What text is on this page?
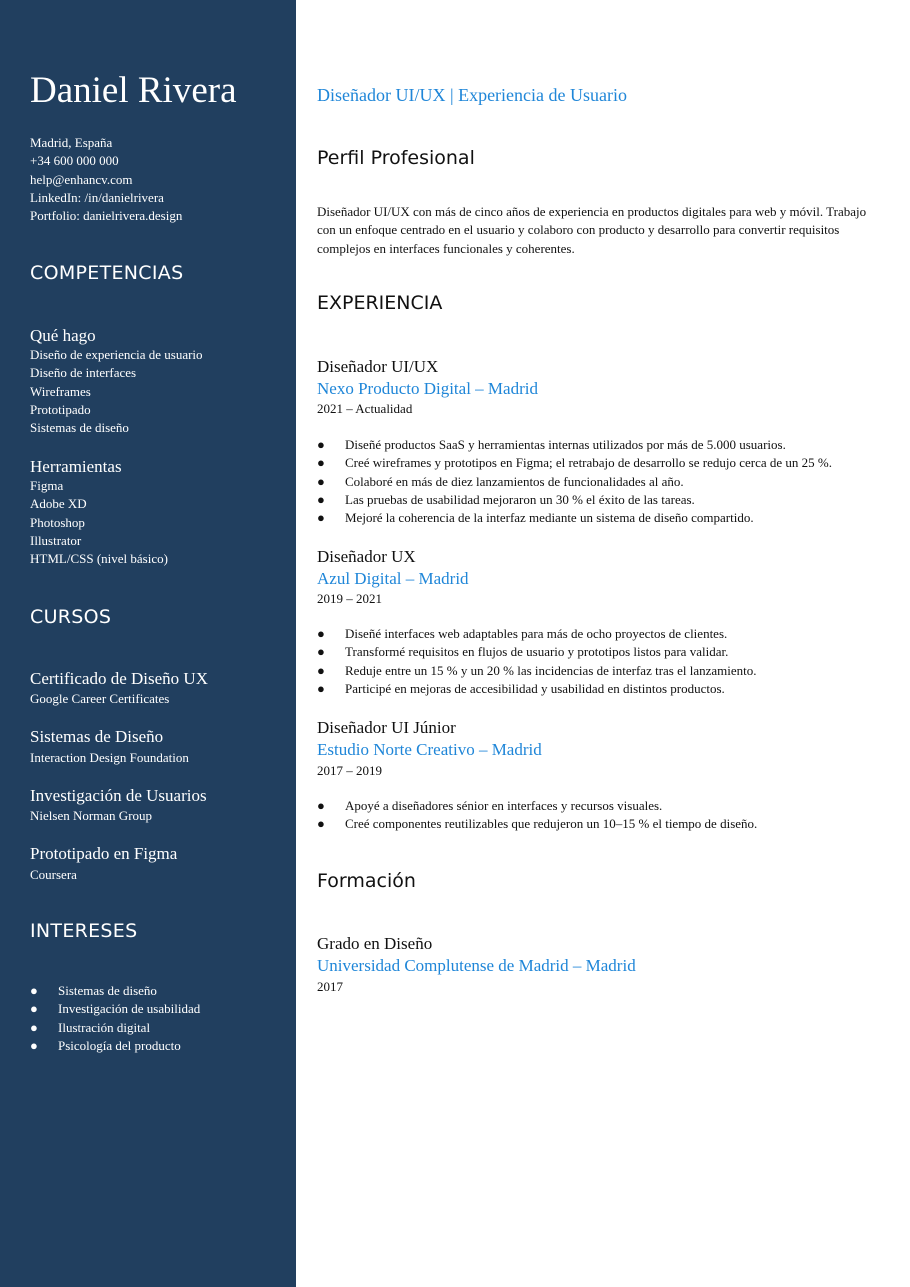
Daniel Rivera
Madrid, España
+34 600 000 000
help@enhancv.com
LinkedIn: /in/danielrivera
Portfolio: danielrivera.design
COMPETENCIAS
Qué hago
Diseño de experiencia de usuario
Diseño de interfaces
Wireframes
Prototipado
Sistemas de diseño
Herramientas
Figma
Adobe XD
Photoshop
Illustrator
HTML/CSS (nivel básico)
CURSOS
Certificado de Diseño UX
Google Career Certificates
Sistemas de Diseño
Interaction Design Foundation
Investigación de Usuarios
Nielsen Norman Group
Prototipado en Figma
Coursera
INTERESES
● Sistemas de diseño
● Investigación de usabilidad
● Ilustración digital
● Psicología del producto
Diseñador UI/UX | Experiencia de Usuario
Perfil Profesional
Diseñador UI/UX con más de cinco años de experiencia en productos digitales para web y móvil. Trabajo con un enfoque centrado en el usuario y colaboro con producto y desarrollo para convertir requisitos complejos en interfaces funcionales y coherentes.
EXPERIENCIA
Diseñador UI/UX
Nexo Producto Digital – Madrid
2021 – Actualidad
● Diseñé productos SaaS y herramientas internas utilizados por más de 5.000 usuarios.
● Creé wireframes y prototipos en Figma; el retrabajo de desarrollo se redujo cerca de un 25 %.
● Colaboré en más de diez lanzamientos de funcionalidades al año.
● Las pruebas de usabilidad mejoraron un 30 % el éxito de las tareas.
● Mejoré la coherencia de la interfaz mediante un sistema de diseño compartido.
Diseñador UX
Azul Digital – Madrid
2019 – 2021
● Diseñé interfaces web adaptables para más de ocho proyectos de clientes.
● Transformé requisitos en flujos de usuario y prototipos listos para validar.
● Reduje entre un 15 % y un 20 % las incidencias de interfaz tras el lanzamiento.
● Participé en mejoras de accesibilidad y usabilidad en distintos productos.
Diseñador UI Júnior
Estudio Norte Creativo – Madrid
2017 – 2019
● Apoyé a diseñadores sénior en interfaces y recursos visuales.
● Creé componentes reutilizables que redujeron un 10–15 % el tiempo de diseño.
Formación
Grado en Diseño
Universidad Complutense de Madrid – Madrid
2017
